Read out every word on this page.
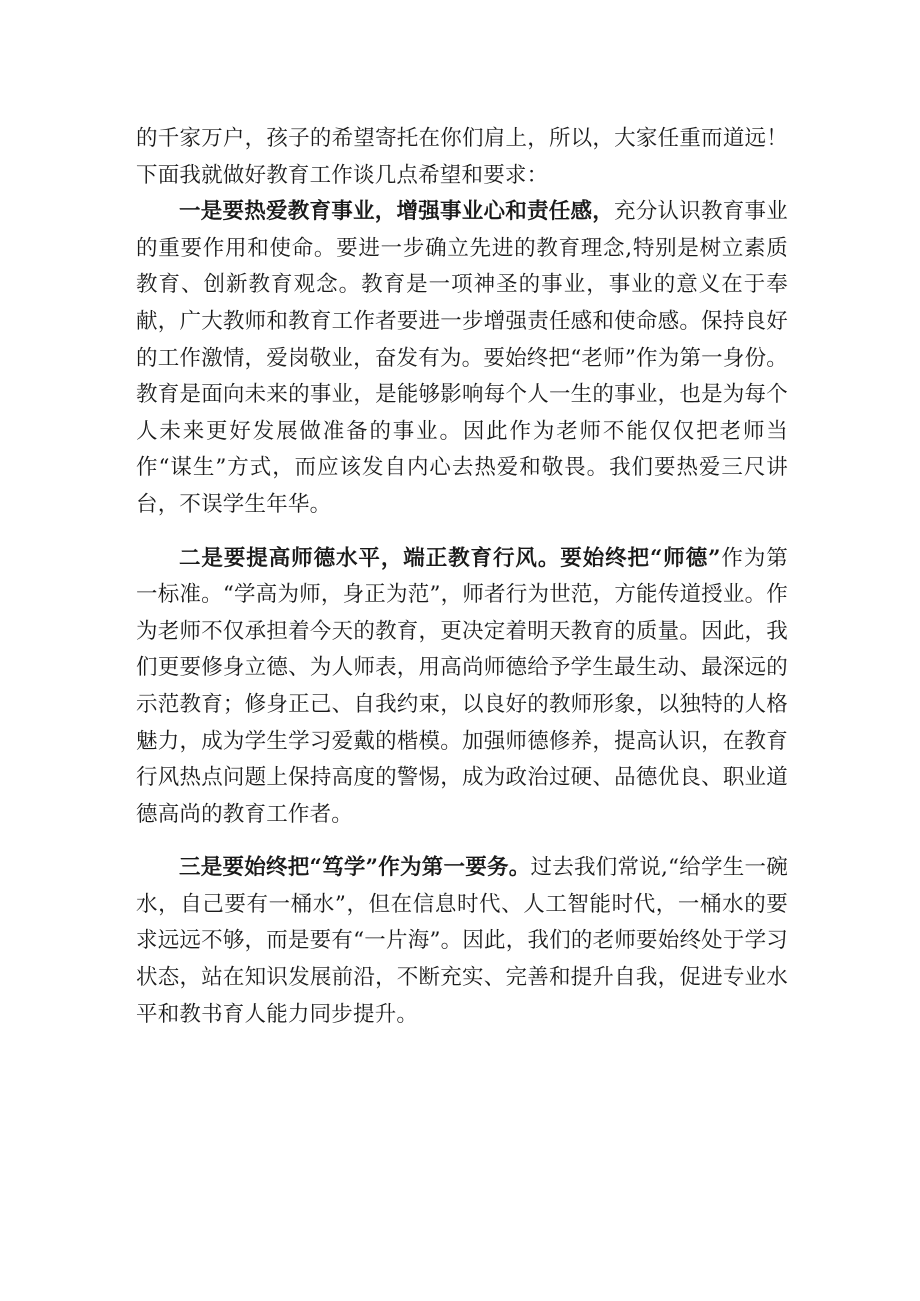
的千家万户，孩子的希望寄托在你们肩上，所以，大家任重而道远！下面我就做好教育工作谈几点希望和要求：

一是要热爱教育事业，增强事业心和责任感，充分认识教育事业的重要作用和使命。要进一步确立先进的教育理念,特别是树立素质教育、创新教育观念。教育是一项神圣的事业，事业的意义在于奉献，广大教师和教育工作者要进一步增强责任感和使命感。保持良好的工作激情，爱岗敬业，奋发有为。要始终把“老师”作为第一身份。教育是面向未来的事业，是能够影响每个人一生的事业，也是为每个人未来更好发展做准备的事业。因此作为老师不能仅仅把老师当作“谋生”方式，而应该发自内心去热爱和敬畏。我们要热爱三尺讲台，不误学生年华。

二是要提高师德水平，端正教育行风。要始终把“师德”作为第一标准。“学高为师，身正为范”，师者行为世范，方能传道授业。作为老师不仅承担着今天的教育，更决定着明天教育的质量。因此，我们更要修身立德、为人师表，用高尚师德给予学生最生动、最深远的示范教育；修身正己、自我约束，以良好的教师形象，以独特的人格魅力，成为学生学习爱戴的楷模。加强师德修养，提高认识，在教育行风热点问题上保持高度的警惕，成为政治过硬、品德优良、职业道德高尚的教育工作者。

三是要始终把“笃学”作为第一要务。过去我们常说,“给学生一碗水，自己要有一桶水”，但在信息时代、人工智能时代，一桶水的要求远远不够，而是要有“一片海”。因此，我们的老师要始终处于学习状态，站在知识发展前沿，不断充实、完善和提升自我，促进专业水平和教书育人能力同步提升。
